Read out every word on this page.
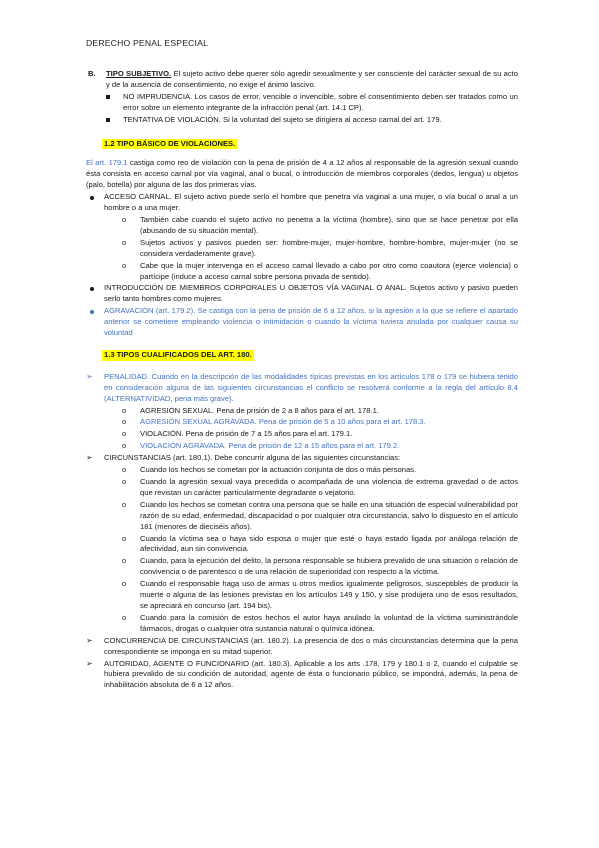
DERECHO PENAL ESPECIAL

B. TIPO SUBJETIVO. El sujeto activo debe querer sólo agredir sexualmente y ser consciente del carácter sexual de su acto y de la ausencia de consentimiento, no exige el ánimo lascivo.

NO IMPRUDENCIA. Los casos de error, vencible o invencible, sobre el consentimiento deben ser tratados como un error sobre un elemento integrante de la infracción penal (art. 14.1 CP).

TENTATIVA DE VIOLACIÓN. Si la voluntad del sujeto se dirigiera al acceso carnal del art. 179.

1.2 TIPO BÁSICO DE VIOLACIONES.

El art. 179.1 castiga como reo de violación con la pena de prisión de 4 a 12 años al responsable de la agresión sexual cuando ésta consista en acceso carnal por vía vaginal, anal o bucal, o introducción de miembros corporales (dedos, lengua) u objetos (palo, botella) por alguna de las dos primeras vías.

ACCESO CARNAL. El sujeto activo puede serlo el hombre que penetra vía vaginal a una mujer, o vía bucal o anal a un hombre o a una mujer.

o También cabe cuando el sujeto activo no penetra a la víctima (hombre), sino que se hace penetrar por ella (abusando de su situación mental).

o Sujetos activos y pasivos pueden ser: hombre-mujer, mujer-hombre, hombre-hombre, mujer-mujer (no se considera verdaderamente grave).

o Cabe que la mujer intervenga en el acceso carnal llevado a cabo por otro como coautora (ejerce violencia) o partícipe (induce a acceso carnal sobre persona privada de sentido).

INTRODUCCIÓN DE MIEMBROS CORPORALES U OBJETOS VÍA VAGINAL O ANAL. Sujetos activo y pasivo pueden serlo tanto hombres como mujeres.

AGRAVACIÓN (art. 179.2). Se castiga con la pena de prisión de 6 a 12 años, si la agresión a la que se refiere el apartado anterior se cometiere empleando violencia o intimidación o cuando la víctima tuviera anulada por cualquier causa su voluntad

1.3 TIPOS CUALIFICADOS DEL ART. 180.

➢ PENALIDAD. Cuando en la descripción de las modalidades típicas previstas en los artículos 178 o 179 se hubiera tenido en consideración alguna de las siguientes circunstancias el conflicto se resolverá conforme a la regla del artículo 8.4 (ALTERNATIVIDAD, pena más grave).

o AGRESIÓN SEXUAL. Pena de prisión de 2 a 8 años para el art. 178.1.

o AGRESIÓN SEXUAL AGRAVADA. Pena de prisión de 5 a 10 años para el art. 178.3.

o VIOLACIÓN. Pena de prisión de 7 a 15 años para el art. 179.1.

o VIOLACIÓN AGRAVADA. Pena de prisión de 12 a 15 años para el art. 179.2.

➢ CIRCUNSTANCIAS (art. 180.1). Debe concurrir alguna de las siguientes circunstancias:

o Cuando los hechos se cometan por la actuación conjunta de dos o más personas.

o Cuando la agresión sexual vaya precedida o acompañada de una violencia de extrema gravedad o de actos que revistan un carácter particularmente degradante o vejatorio.

o Cuando los hechos se cometan contra una persona que se halle en una situación de especial vulnerabilidad por razón de su edad, enfermedad, discapacidad o por cualquier otra circunstancia, salvo lo dispuesto en el artículo 181 (menores de dieciséis años).

o Cuando la víctima sea o haya sido esposa o mujer que esté o haya estado ligada por análoga relación de afectividad, aun sin convivencia.

o Cuando, para la ejecución del delito, la persona responsable se hubiera prevalido de una situación o relación de convivencia o de parentesco o de una relación de superioridad con respecto a la víctima.

o Cuando el responsable haga uso de armas u otros medios igualmente peligrosos, susceptibles de producir la muerte o alguna de las lesiones previstas en los artículos 149 y 150, y sise produjera uno de esos resultados, se apreciará en concurso (art. 194 bis).

o Cuando para la comisión de estos hechos el autor haya anulado la voluntad de la víctima suministrándole fármacos, drogas o cualquier otra sustancia natural o química idónea.

➢ CONCURRENCIA DE CIRCUNSTANCIAS (art. 180.2). La presencia de dos o más circunstancias determina que la pena correspondiente se imponga en su mitad superior.

➢ AUTORIDAD, AGENTE O FUNCIONARIO (art. 180.3). Aplicable a los arts .178, 179 y 180.1 o 2, cuando el culpable se hubiera prevalido de su condición de autoridad, agente de ésta o funcionario público, se impondrá, además, la pena de inhabilitación absoluta de 6 a 12 años.
